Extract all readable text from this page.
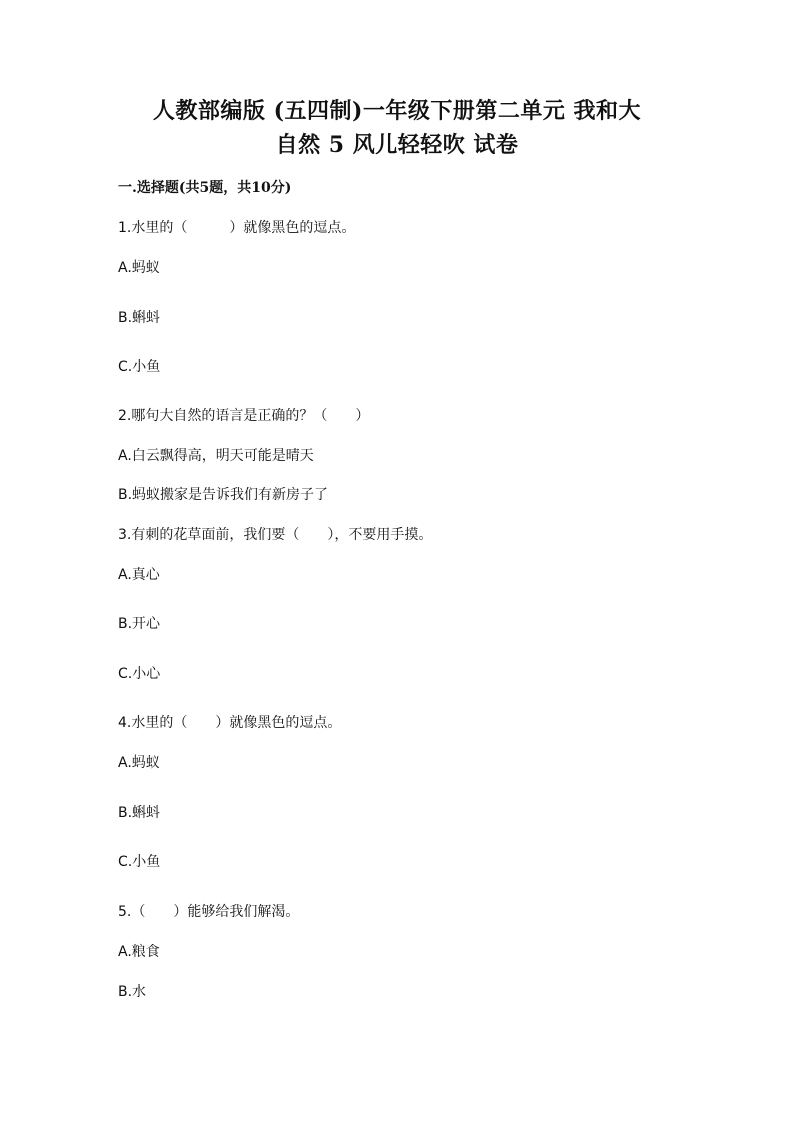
人教部编版 (五四制)一年级下册第二单元 我和大
自然 5 风儿轻轻吹 试卷
一.选择题(共5题，共10分)
1.水里的（　　　）就像黑色的逗点。
A.蚂蚁
B.蝌蚪
C.小鱼
2.哪句大自然的语言是正确的？（　　）
A.白云飘得高，明天可能是晴天
B.蚂蚁搬家是告诉我们有新房子了
3.有刺的花草面前，我们要（　　），不要用手摸。
A.真心
B.开心
C.小心
4.水里的（　　）就像黑色的逗点。
A.蚂蚁
B.蝌蚪
C.小鱼
5.（　　）能够给我们解渴。
A.粮食
B.水
